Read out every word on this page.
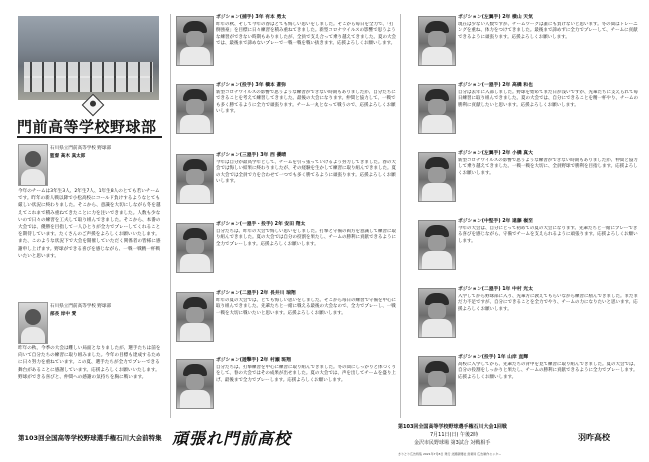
門前高等学校野球部
石川県立門前高等学校 野球部
監督 高木 真太郎
今年のチームは3年生3人、2年生7人、1年生8人のとても若いチームです。昨年の新人戦以降で小松高校にコールド負けするようなとても厳しい状況に終わりました。そこから、意識を大切にしながら冬を越えてこれまで積み重ねてきたことに力を注いできました。人数も少ないので日々の練習を工夫して取り組んできました。そこから、本番の大会では、優勝を目指して一人ひとりが全力でプレーしてくれることを期待しています。たくさんのご声援をよろしくお願いいたします。また、このような状況下で大会を開催していただく関係者の皆様に感謝申し上げます。野球ができる喜びを感じながら、一戦一戦精一杯戦いたいと思います。
石川県立門前高等学校 野球部
部長 岸中 愛
昨年の秋、今季の大会は難しい局面となりましたが、選手たちは前を向いて自分たちの練習に取り組みました。今年の目標も達成するために日々努力を重ねています。この夏、選手たちが全力でプレーできる舞台があることに感謝しています。応援よろしくお願いいたします。野球ができる喜びと、仲間への感謝の気持ちを胸に戦います。
ポジション(捕手) 3年 有本 勇太
昨年の秋、そして今年の春はとても悔しい思いをしました。そこから毎日を全力で、「打倒強豪」を目標に日々練習を積み重ねてきました。新型コロナウイルスの影響で思うような練習ができない時期もありましたが、全員で支え合って乗り越えてきました。夏の大会では、最後まで諦めないプレーで一戦一戦を戦い抜きます。応援よろしくお願いします。
ポジション(投手) 3年 橋本 蒼弥
新型コロナウイルスの影響で思うような練習ができない時期もありましたが、自分たちにできることを考えて練習してきました。最後の大会になります。仲間と協力して、一戦でも多く勝てるように全力で頑張ります。チーム一丸となって戦うので、応援よろしくお願いします。
ポジション(三塁手) 3年 西 優晴
今年は自分が最高学年として、チームを引っ張っていけるよう努力してきました。春の大会では悔しい結果に終わりましたが、その経験を生かして練習に取り組んできました。夏の大会では全員で力を合わせて一つでも多く勝てるように頑張ります。応援よろしくお願いします。
ポジション(一塁手・投手) 2年 安田 翔太
自分たちは、昨年の大会で悔しい思いをしました。打撃と守備の両方を意識して練習に取り組んできました。夏の大会では自分の役割を果たし、チームの勝利に貢献できるように全力でプレーします。応援よろしくお願いします。
ポジション(二塁手) 2年 長井川 瑞翔
昨年の夏の大会では、とても悔しい思いをしました。そこから毎日の練習で守備を中心に取り組んできました。先輩たちと一緒に戦える最後の大会なので、全力でプレーし、一戦一戦を大切に戦いたいと思います。応援よろしくお願いします。
ポジション(遊撃手) 2年 村瀬 斑翔
自分たちは、打撃練習を中心に練習に取り組んできました。冬の間にしっかりと体づくりをして、春の大会ではその成果が出せました。夏の大会では、声を出してチームを盛り上げ、最後まで全力でプレーします。応援よろしくお願いします。
ポジション(左翼手) 2年 横山 天気
現在は少ない人数ですが、チームワークは誰にも負けないと思います。冬の間はトレーニングを重ね、体力をつけてきました。最後まで諦めずに全力でプレーして、チームに貢献できるように頑張ります。応援よろしくお願いします。
ポジション(一塁手) 2年 高橋 和也
自分は去年に入部しました。野球を始めてまだ日が浅いですが、先輩たちに支えられて毎日練習に取り組んできました。夏の大会では、自分にできることを精一杯やり、チームの勝利に貢献したいと思います。応援よろしくお願いします。
ポジション(左翼手) 2年 小橋 真大
新型コロナウイルスの影響で思うような練習ができない時期もありましたが、仲間と協力して乗り越えてきました。一戦一戦を大切に、全員野球で勝利を目指します。応援よろしくお願いします。
ポジション(中堅手) 2年 遠藤 嶺至
今年の大会は、自分にとって初めての夏の大会になります。先輩たちと一緒にプレーできる喜びを感じながら、守備でチームを支えられるように頑張ります。応援よろしくお願いします。
ポジション(二塁手) 1年 中村 光太
入学してから野球部に入り、先輩方に教えてもらいながら練習に励んできました。まだまだ力不足ですが、自分にできることを全力でやり、チームの力になりたいと思います。応援よろしくお願いします。
ポジション(投手) 1年 山岸 直輝
高校に入学してから、先輩たちの背中を見て練習に取り組んできました。夏の大会では、自分の役割をしっかりと果たし、チームの勝利に貢献できるように全力でプレーします。応援よろしくお願いします。
第103回全国高等学校野球選手権石川大会前特集 頑張れ門前高校
第103回全国高等学校野球選手権石川大会1回戦
7月11日(日) 午後2時
金沢市民野球場 第3試合 対戦相手
羽咋高校
きりとり広告特集 2021年7月8日 発行 北國新聞社 営業局 広告制作センター
